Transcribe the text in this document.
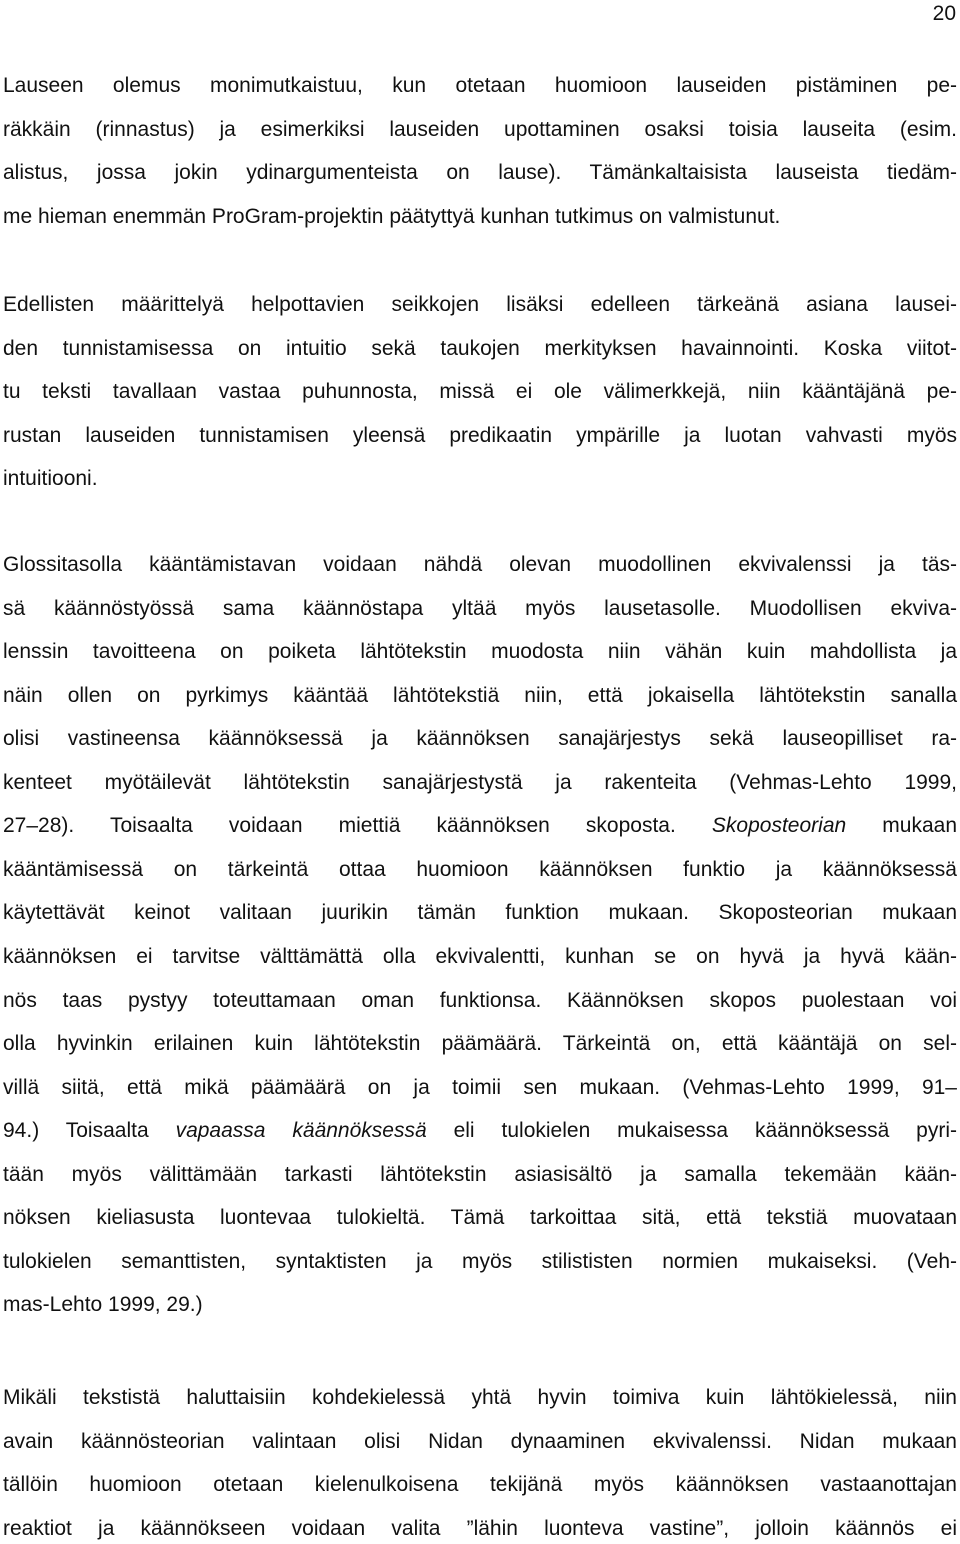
20
Lauseen olemus monimutkaistuu, kun otetaan huomioon lauseiden pistäminen pe-
räkkäin (rinnastus) ja esimerkiksi lauseiden upottaminen osaksi toisia lauseita (esim.
alistus, jossa jokin ydinargumenteista on lause). Tämänkaltaisista lauseista tiedäm-
me hieman enemmän ProGram-projektin päätyttyä kunhan tutkimus on valmistunut.
Edellisten määrittelyä helpottavien seikkojen lisäksi edelleen tärkeänä asiana lausei-
den tunnistamisessa on intuitio sekä taukojen merkityksen havainnointi. Koska viitot-
tu teksti tavallaan vastaa puhunnosta, missä ei ole välimerkkejä, niin kääntäjänä pe-
rustan lauseiden tunnistamisen yleensä predikaatin ympärille ja luotan vahvasti myös
intuitiooni.
Glossitasolla kääntämistavan voidaan nähdä olevan muodollinen ekvivalenssi ja täs-
sä käännöstyössä sama käännöstapa yltää myös lausetasolle. Muodollisen ekviva-
lenssin tavoitteena on poiketa lähtötekstin muodosta niin vähän kuin mahdollista ja
näin ollen on pyrkimys kääntää lähtötekstiä niin, että jokaisella lähtötekstin sanalla
olisi vastineensa käännöksessä ja käännöksen sanajärjestys sekä lauseopilliset ra-
kenteet myötäilevät lähtötekstin sanajärjestystä ja rakenteita (Vehmas-Lehto 1999,
27–28). Toisaalta voidaan miettiä käännöksen skoposta. Skoposteorian mukaan
kääntämisessä on tärkeintä ottaa huomioon käännöksen funktio ja käännöksessä
käytettävät keinot valitaan juurikin tämän funktion mukaan. Skoposteorian mukaan
käännöksen ei tarvitse välttämättä olla ekvivalentti, kunhan se on hyvä ja hyvä kään-
nös taas pystyy toteuttamaan oman funktionsa. Käännöksen skopos puolestaan voi
olla hyvinkin erilainen kuin lähtötekstin päämäärä. Tärkeintä on, että kääntäjä on sel-
villä siitä, että mikä päämäärä on ja toimii sen mukaan. (Vehmas-Lehto 1999, 91–
94.) Toisaalta vapaassa käännöksessä eli tulokielen mukaisessa käännöksessä pyri-
tään myös välittämään tarkasti lähtötekstin asiasisältö ja samalla tekemään kään-
nöksen kieliasusta luontevaa tulokieltä. Tämä tarkoittaa sitä, että tekstiä muovataan
tulokielen semanttisten, syntaktisten ja myös stilististen normien mukaiseksi. (Veh-
mas-Lehto 1999, 29.)
Mikäli tekstistä haluttaisiin kohdekielessä yhtä hyvin toimiva kuin lähtökielessä, niin
avain käännösteorian valintaan olisi Nidan dynaaminen ekvivalenssi. Nidan mukaan
tällöin huomioon otetaan kielenulkoisena tekijänä myös käännöksen vastaanottajan
reaktiot ja käännökseen voidaan valita ”lähin luonteva vastine”, jolloin käännös ei
